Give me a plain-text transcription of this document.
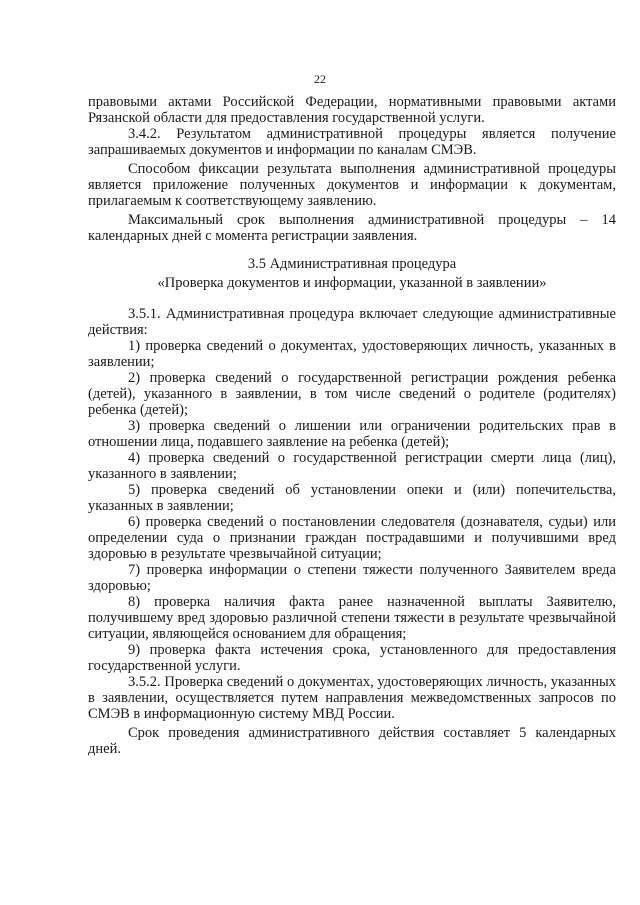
22

правовыми актами Российской Федерации, нормативными правовыми актами Рязанской области для предоставления государственной услуги.

3.4.2. Результатом административной процедуры является получение запрашиваемых документов и информации по каналам СМЭВ.

Способом фиксации результата выполнения административной процедуры является приложение полученных документов и информации к документам, прилагаемым к соответствующему заявлению.

Максимальный срок выполнения административной процедуры – 14 календарных дней с момента регистрации заявления.

3.5 Административная процедура

«Проверка документов и информации, указанной в заявлении»

3.5.1. Административная процедура включает следующие административные действия:

1) проверка сведений о документах, удостоверяющих личность, указанных в заявлении;

2) проверка сведений о государственной регистрации рождения ребенка (детей), указанного в заявлении, в том числе сведений о родителе (родителях) ребенка (детей);

3) проверка сведений о лишении или ограничении родительских прав в отношении лица, подавшего заявление на ребенка (детей);

4) проверка сведений о государственной регистрации смерти лица (лиц), указанного в заявлении;

5) проверка сведений об установлении опеки и (или) попечительства, указанных в заявлении;

6) проверка сведений о постановлении следователя (дознавателя, судьи) или определении суда о признании граждан пострадавшими и получившими вред здоровью в результате чрезвычайной ситуации;

7) проверка информации о степени тяжести полученного Заявителем вреда здоровью;

8) проверка наличия факта ранее назначенной выплаты Заявителю, получившему вред здоровью различной степени тяжести в результате чрезвычайной ситуации, являющейся основанием для обращения;

9) проверка факта истечения срока, установленного для предоставления государственной услуги.

3.5.2. Проверка сведений о документах, удостоверяющих личность, указанных в заявлении, осуществляется путем направления межведомственных запросов по СМЭВ в информационную систему МВД России.

Срок проведения административного действия составляет 5 календарных дней.
